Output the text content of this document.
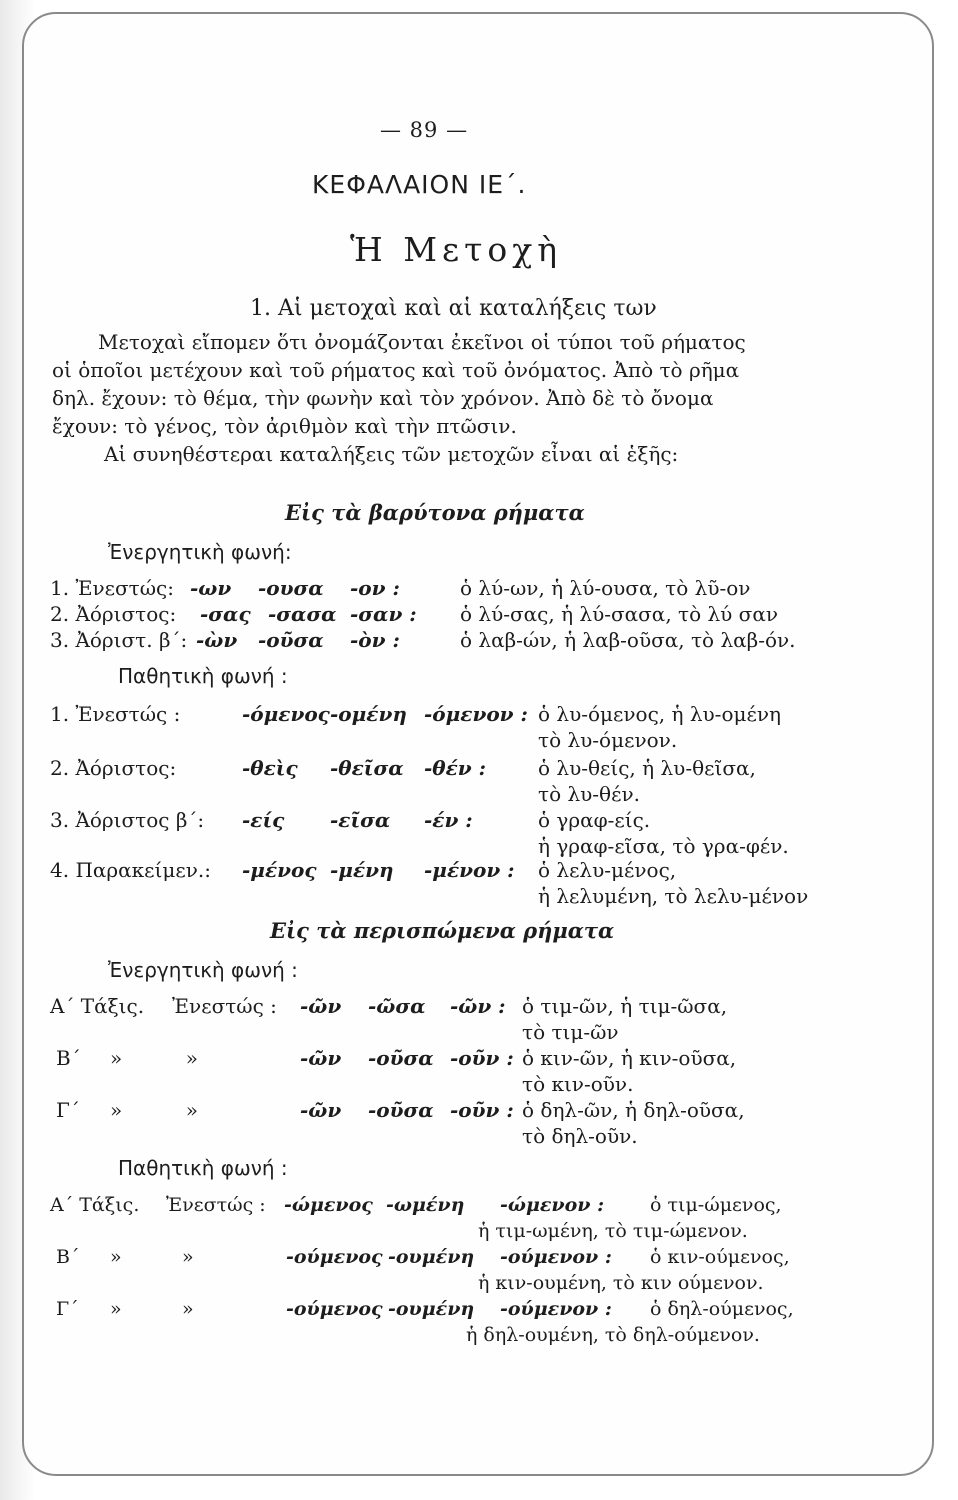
— 89 —
ΚΕΦΑΛΑΙΟΝ ΙΕ΄.
Ἡ Μετοχὴ
1. Αἱ μετοχαὶ καὶ αἱ καταλήξεις των

Μετοχαὶ εἴπομεν ὅτι ὀνομάζονται ἐκεῖνοι οἱ τύποι τοῦ ρήματος

οἱ ὁποῖοι μετέχουν καὶ τοῦ ρήματος καὶ τοῦ ὀνόματος. Ἀπὸ τὸ ρῆμα

δηλ. ἔχουν: τὸ θέμα, τὴν φωνὴν καὶ τὸν χρόνον. Ἀπὸ δὲ τὸ ὄνομα

ἔχουν: τὸ γένος, τὸν ἀριθμὸν καὶ τὴν πτῶσιν.

Αἱ συνηθέστεραι καταλήξεις τῶν μετοχῶν εἶναι αἱ ἑξῆς:

Εἰς τὰ βαρύτονα ρήματα
Ἐνεργητικὴ φωνή:
1. Ἐνεστώς: -ων -ουσα -ον :	ὁ λύ-ων, ἡ λύ-ουσα, τὸ λῦ-ον
2. Ἀόριστος: -σας -σασα -σαν : ὁ λύ-σας, ἡ λύ-σασα, τὸ λύ σαν
3. Ἀόριστ. β΄: -ὼν -οῦσα -ὸν :	ὁ λαβ-ών, ἡ λαβ-οῦσα, τὸ λαβ-όν.
Παθητικὴ φωνή :
1. Ἐνεστώς :	-όμενος -ομένη -όμενον : ὁ λυ-όμενος, ἡ λυ-ομένη
τὸ λυ-όμενον.
2. Ἀόριστος:	-θεὶς -θεῖσα -θέν :	ὁ λυ-θείς, ἡ λυ-θεῖσα,
τὸ λυ-θέν.
3. Ἀόριστος β΄: -είς -εῖσα -έν :	ὁ γραφ-είς.
ἡ γραφ-εῖσα, τὸ γρα-φέν.
4. Παρακείμεν.: -μένος -μένη -μένον : ὁ λελυ-μένος,
ἡ λελυμένη, τὸ λελυ-μένον
Εἰς τὰ περισπώμενα ρήματα
Ἐνεργητικὴ φωνή :
Α΄ Τάξις. Ἐνεστώς : -ῶν -ῶσα -ῶν : ὁ τιμ-ῶν, ἡ τιμ-ῶσα,
τὸ τιμ-ῶν
Β΄ »          »	-ῶν -οῦσα -οῦν : ὁ κιν-ῶν, ἡ κιν-οῦσα,
τὸ κιν-οῦν.
Γ΄ »          »	-ῶν -οῦσα -οῦν : ὁ δηλ-ῶν, ἡ δηλ-οῦσα,
τὸ δηλ-οῦν.
Παθητικὴ φωνή :
Α΄ Τάξις. Ἐνεστώς : -ώμενος -ωμένη -ώμενον : ὁ τιμ-ώμενος,
ἡ τιμ-ωμένη, τὸ τιμ-ώμενον.
Β΄ »          »	-ούμενος -ουμένη -ούμενον : ὁ κιν-ούμενος,
ἡ κιν-ουμένη, τὸ κιν ούμενον.
Γ΄ »          »	-ούμενος -ουμένη -ούμενον : ὁ δηλ-ούμενος,
ἡ δηλ-ουμένη, τὸ δηλ-ούμενον.
